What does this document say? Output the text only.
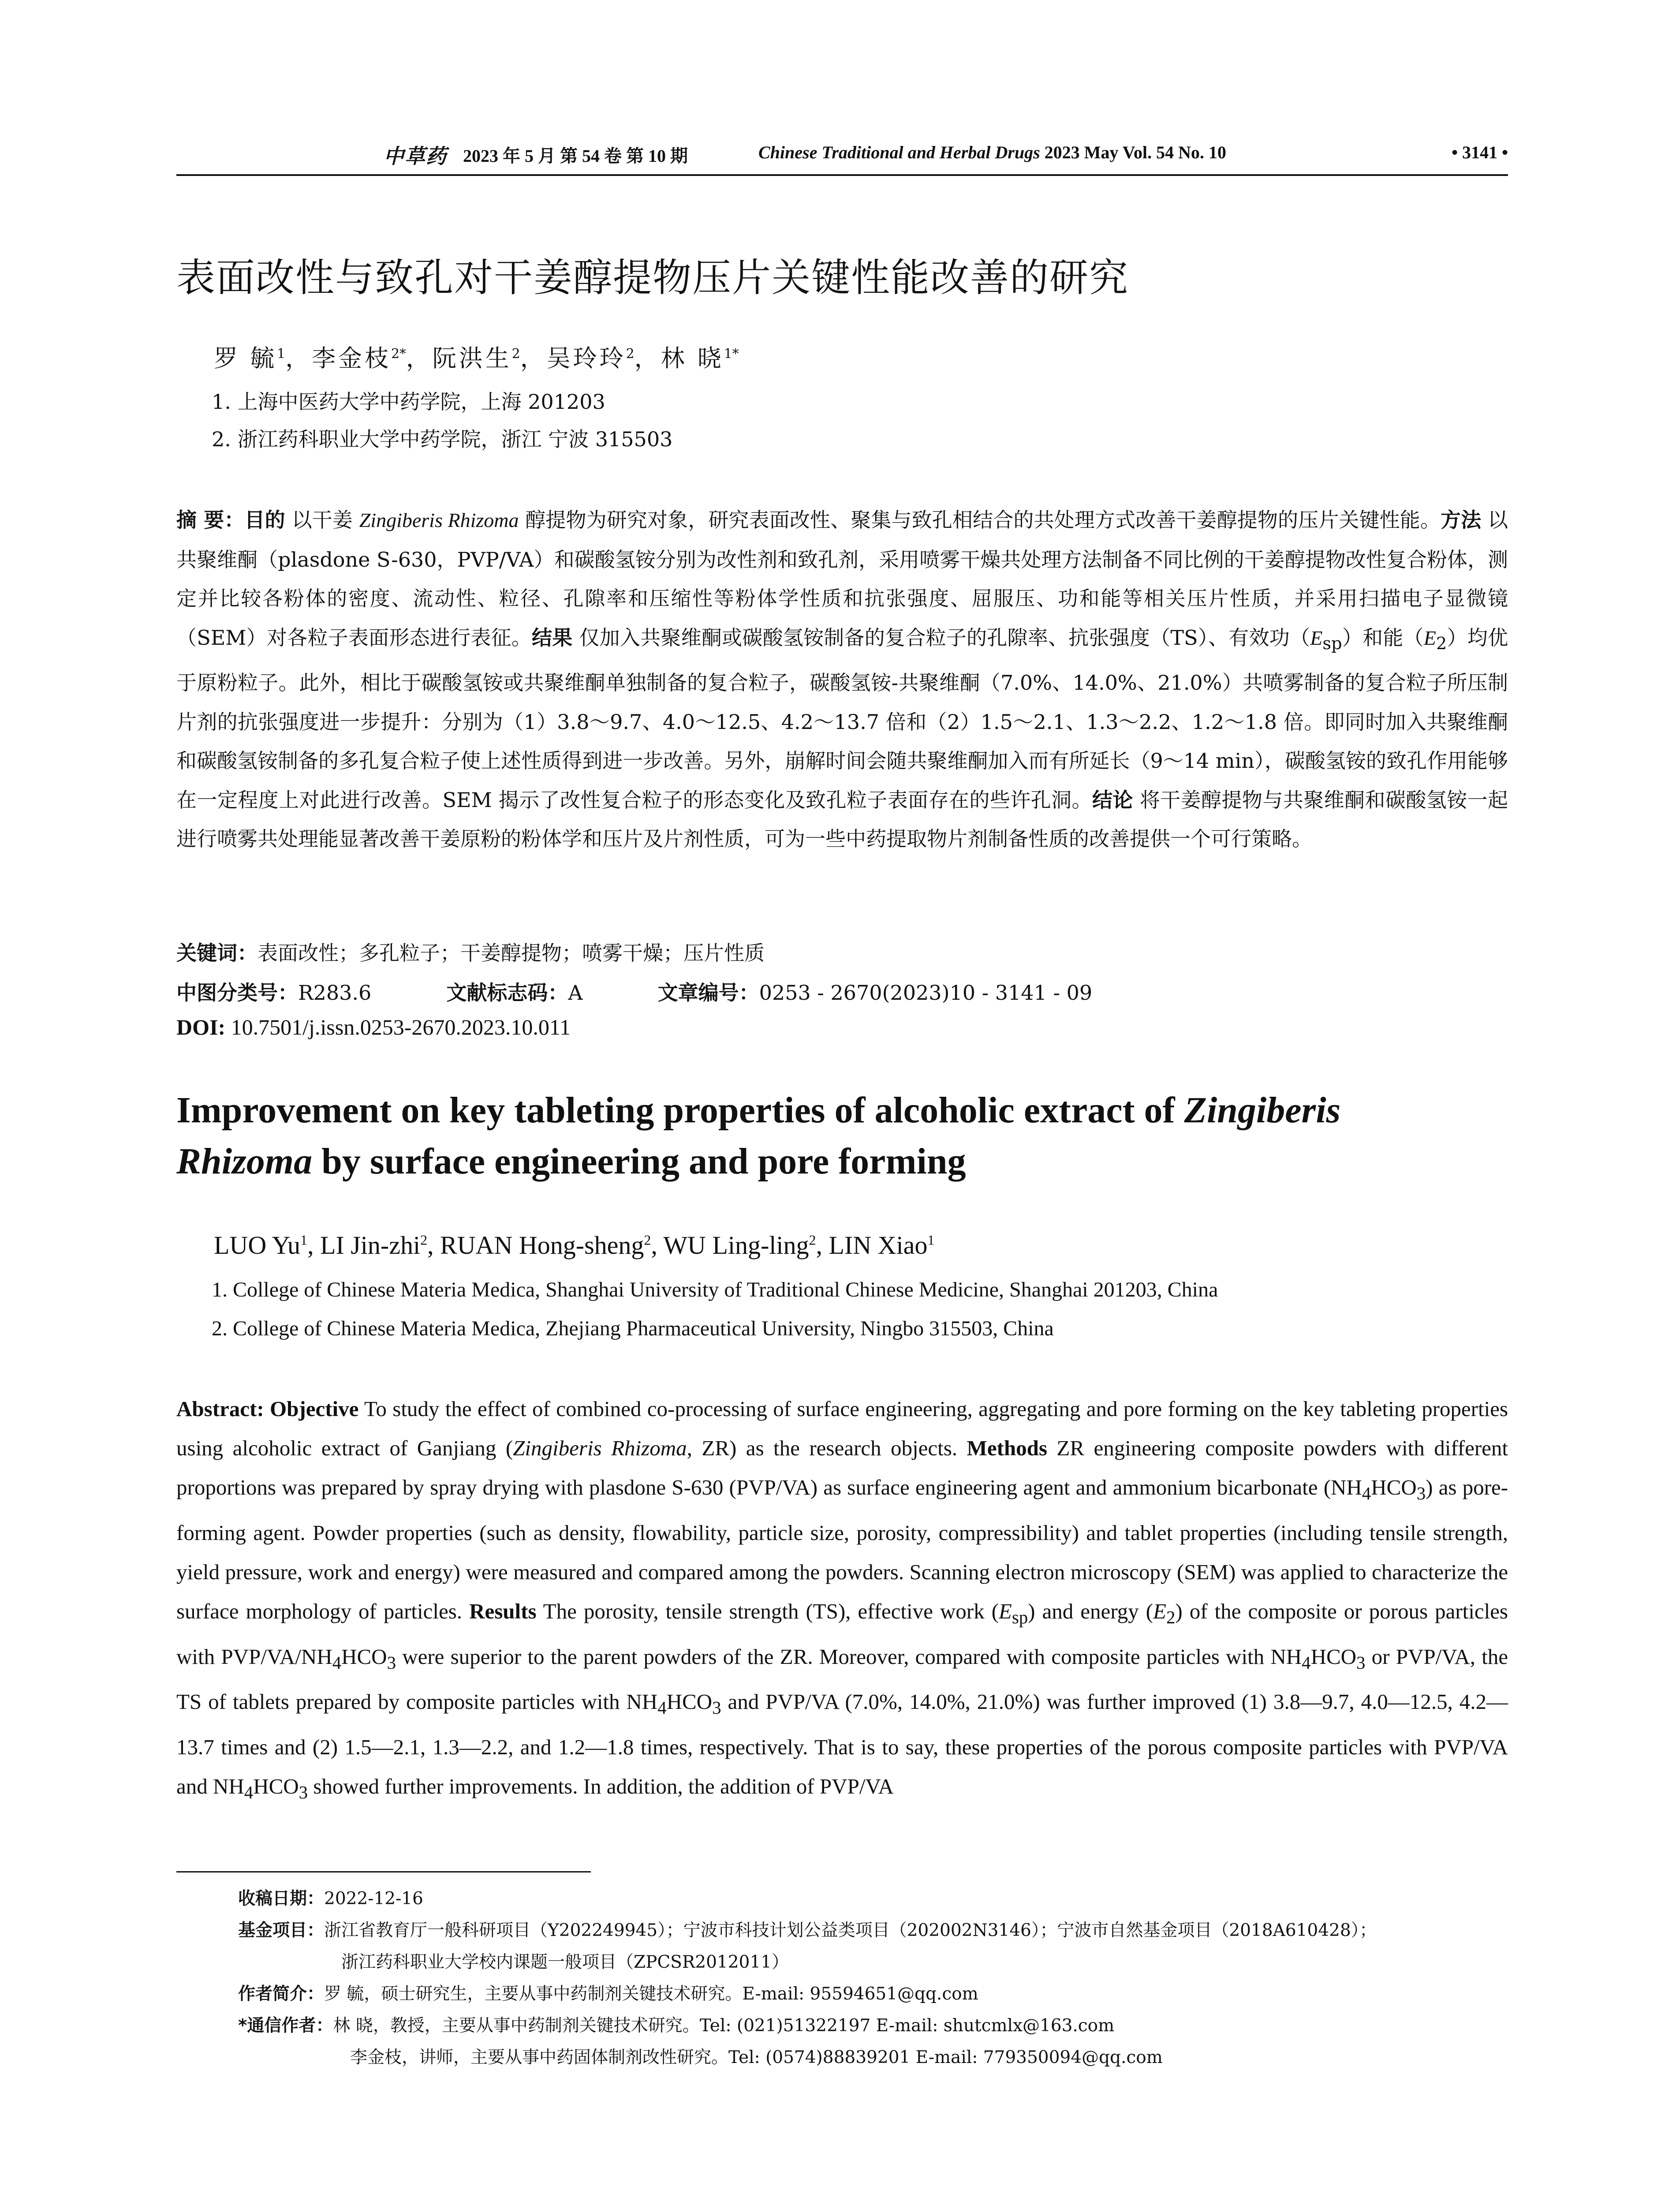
中草药 2023 年 5 月 第 54 卷 第 10 期	Chinese Traditional and Herbal Drugs 2023 May Vol. 54 No. 10	• 3141 •
表面改性与致孔对干姜醇提物压片关键性能改善的研究
罗 毓$^1$，李金枝$^{2*}$，阮洪生$^2$，吴玲玲$^2$，林 晓$^{1*}$
1. 上海中医药大学中药学院，上海 201203
2. 浙江药科职业大学中药学院，浙江 宁波 315503
摘 要：目的 以干姜 Zingiberis Rhizoma 醇提物为研究对象，研究表面改性、聚集与致孔相结合的共处理方式改善干姜醇提物的压片关键性能。方法 以共聚维酮（plasdone S-630，PVP/VA）和碳酸氢铵分别为改性剂和致孔剂，采用喷雾干燥共处理方法制备不同比例的干姜醇提物改性复合粉体，测定并比较各粉体的密度、流动性、粒径、孔隙率和压缩性等粉体学性质和抗张强度、屈服压、功和能等相关压片性质，并采用扫描电子显微镜（SEM）对各粒子表面形态进行表征。结果 仅加入共聚维酮或碳酸氢铵制备的复合粒子的孔隙率、抗张强度（TS）、有效功$(E_{sp})$和能$(E_2)$均优于原粉粒子。此外，相比于碳酸氢铵或共聚维酮单独制备的复合粒子，碳酸氢铵-共聚维酮（7.0%、14.0%、21.0%）共喷雾制备的复合粒子所压制片剂的抗张强度进一步提升：分别为（1）3.8～9.7、4.0～12.5、4.2～13.7 倍和（2）1.5～2.1、1.3～2.2、1.2～1.8 倍。即同时加入共聚维酮和碳酸氢铵制备的多孔复合粒子使上述性质得到进一步改善。另外，崩解时间会随共聚维酮加入而有所延长（9～14 min），碳酸氢铵的致孔作用能够在一定程度上对此进行改善。SEM 揭示了改性复合粒子的形态变化及致孔粒子表面存在的些许孔洞。结论 将干姜醇提物与共聚维酮和碳酸氢铵一起进行喷雾共处理能显著改善干姜原粉的粉体学和压片及片剂性质，可为一些中药提取物片剂制备性质的改善提供一个可行策略。
关键词：表面改性；多孔粒子；干姜醇提物；喷雾干燥；压片性质
中图分类号：R283.6	文献标志码：A	文章编号：0253 - 2670(2023)10 - 3141 - 09
DOI: 10.7501/j.issn.0253-2670.2023.10.011
Improvement on key tableting properties of alcoholic extract of Zingiberis
Rhizoma by surface engineering and pore forming
LUO Yu$^1$, LI Jin-zhi$^2$, RUAN Hong-sheng$^2$, WU Ling-ling$^2$, LIN Xiao$^1$
1. College of Chinese Materia Medica, Shanghai University of Traditional Chinese Medicine, Shanghai 201203, China
2. College of Chinese Materia Medica, Zhejiang Pharmaceutical University, Ningbo 315503, China
Abstract: Objective To study the effect of combined co-processing of surface engineering, aggregating and pore forming on the key tableting properties using alcoholic extract of Ganjiang (Zingiberis Rhizoma, ZR) as the research objects. Methods ZR engineering composite powders with different proportions was prepared by spray drying with plasdone S-630 (PVP/VA) as surface engineering agent and ammonium bicarbonate $(NH_4HCO_3)$ as pore-forming agent. Powder properties (such as density, flowability, particle size, porosity, compressibility) and tablet properties (including tensile strength, yield pressure, work and energy) were measured and compared among the powders. Scanning electron microscopy (SEM) was applied to characterize the surface morphology of particles. Results The porosity, tensile strength (TS), effective work $(E_{sp})$ and energy $(E_2)$ of the composite or porous particles with PVP/$VA/NH_4HCO_3$ were superior to the parent powders of the ZR. Moreover, compared with composite particles with $NH_4HCO_3$ or PVP/VA, the TS of tablets prepared by composite particles with $NH_4HCO_3$ and PVP/VA (7.0%, 14.0%, 21.0%) was further improved (1) 3.8—9.7, 4.0—12.5, 4.2—13.7 times and (2) 1.5—2.1, 1.3—2.2, and 1.2—1.8 times, respectively. That is to say, these properties of the porous composite particles with PVP/VA and $NH_4HCO_3$ showed further improvements. In addition, the addition of PVP/VA
收稿日期： 2022-12-16
基金项目： 浙江省教育厅一般科研项目（Y202249945）；宁波市科技计划公益类项目（202002N3146）；宁波市自然基金项目（2018A610428）；
浙江药科职业大学校内课题一般项目（ZPCSR2012011）
作者简介： 罗 毓，硕士研究生，主要从事中药制剂关键技术研究。E-mail: 95594651@qq.com
*通信作者： 林 晓，教授，主要从事中药制剂关键技术研究。Tel: (021)51322197 E-mail: shutcmlx@163.com
李金枝，讲师，主要从事中药固体制剂改性研究。Tel: (0574)88839201 E-mail: 779350094@qq.com
